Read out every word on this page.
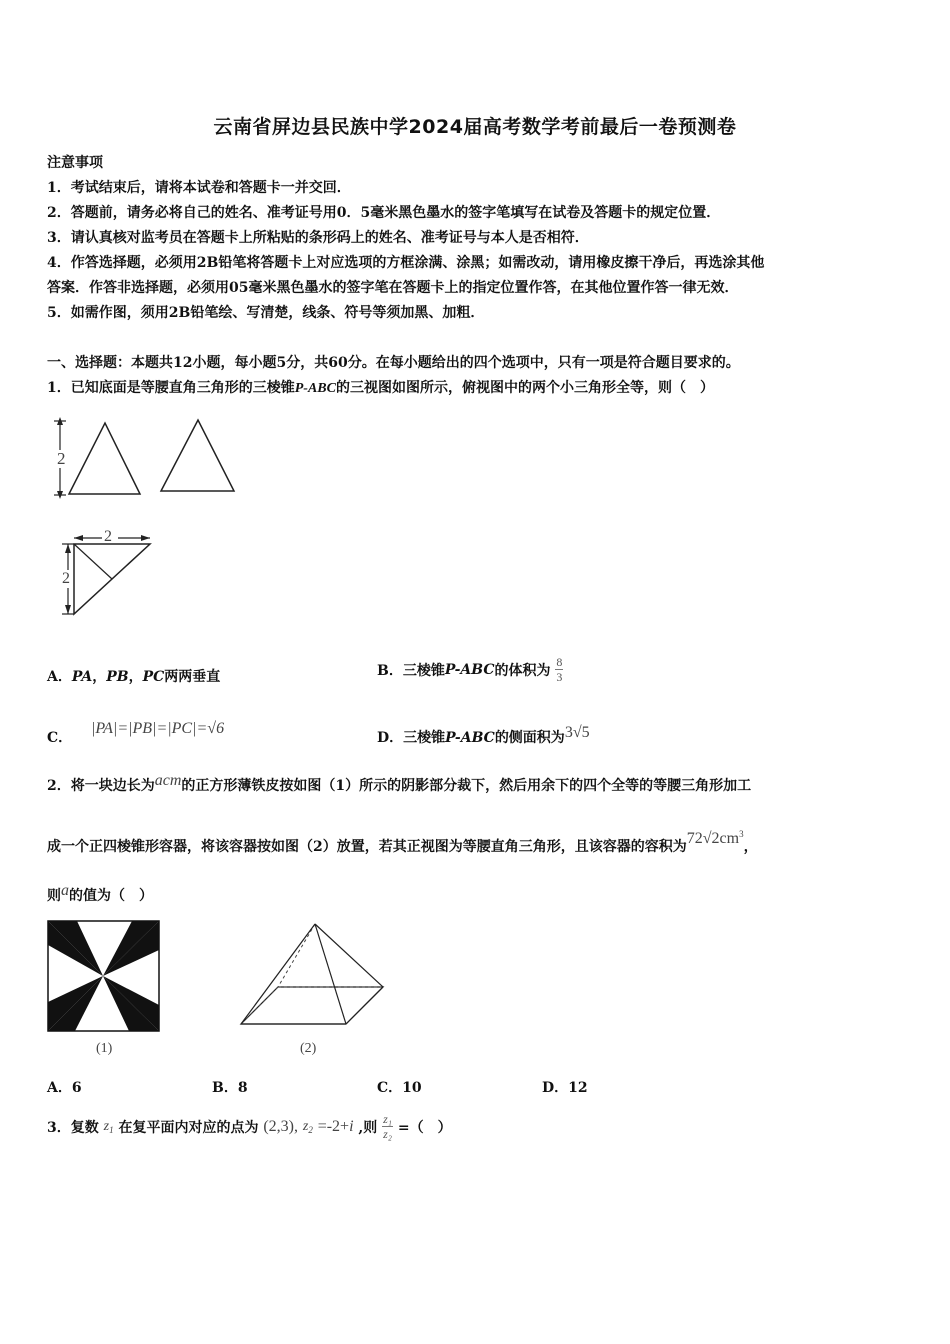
云南省屏边县民族中学2024届高考数学考前最后一卷预测卷
注意事项
1．考试结束后，请将本试卷和答题卡一并交回．
2．答题前，请务必将自己的姓名、准考证号用0．5毫米黑色墨水的签字笔填写在试卷及答题卡的规定位置．
3．请认真核对监考员在答题卡上所粘贴的条形码上的姓名、准考证号与本人是否相符．
4．作答选择题，必须用2B铅笔将答题卡上对应选项的方框涂满、涂黑；如需改动，请用橡皮擦干净后，再选涂其他
答案．作答非选择题，必须用05毫米黑色墨水的签字笔在答题卡上的指定位置作答，在其他位置作答一律无效．
5．如需作图，须用2B铅笔绘、写清楚，线条、符号等须加黑、加粗．
一、选择题：本题共12小题，每小题5分，共60分。在每小题给出的四个选项中，只有一项是符合题目要求的。
1．已知底面是等腰直角三角形的三棱锥P-ABC的三视图如图所示，俯视图中的两个小三角形全等，则（　）
2
2
2
A．PA，PB，PC两两垂直	B．三棱锥P-ABC的体积为 $\frac{8}{3}$
C． |PA|=|PB|=|PC|=√6
D．三棱锥P-ABC的侧面积为3√5
2．将一块边长为acm的正方形薄铁皮按如图（1）所示的阴影部分裁下，然后用余下的四个全等的等腰三角形加工
成一个正四棱锥形容器，将该容器按如图（2）放置，若其正视图为等腰直角三角形，且该容器的容积为$72√2cm^3$，
则a的值为（　）
(1)	(2)
A．6	B．8	C．10	D．12
3．复数 $z_1$ 在复平面内对应的点为 (2,3), $z_2 =-2+i$ ,则 $\frac{\text{z₁}}{\text{z₂}}$ =（　）
